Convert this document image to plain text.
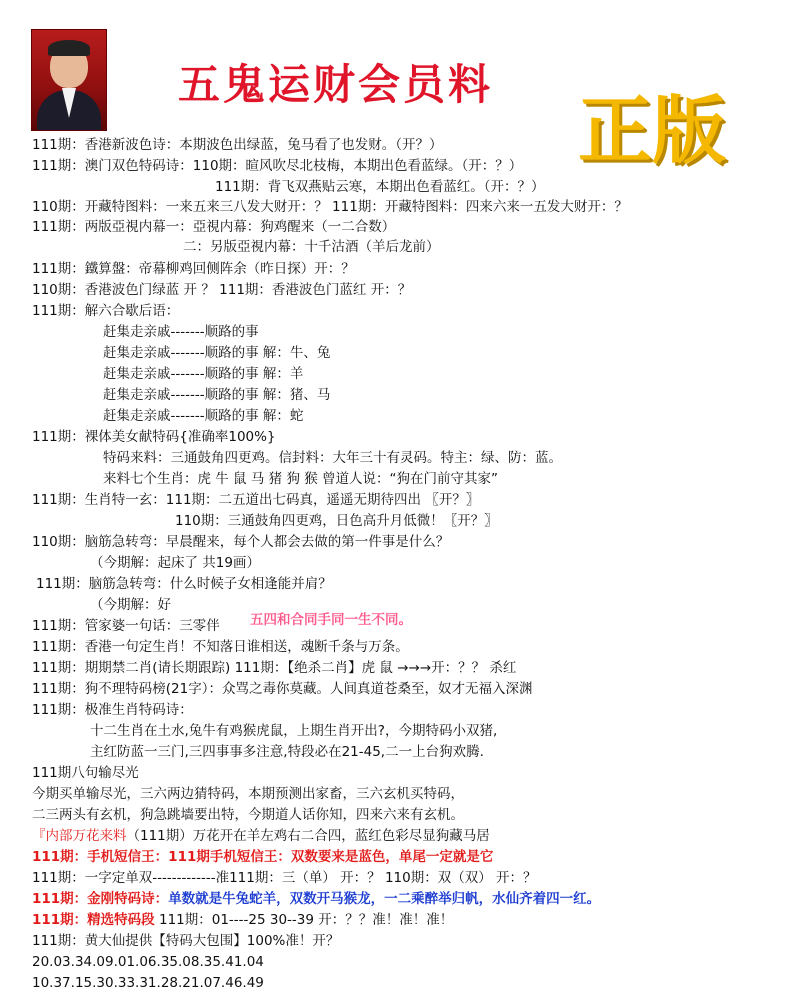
五鬼运财会员料
正版
111期：香港新波色诗：本期波色出绿蓝，兔马看了也发财。（开？）
111期：澳门双色特码诗：110期：暄风吹尽北枝梅，本期出色看蓝绿。（开：？）
111期：背飞双燕贴云寒，本期出色看蓝红。（开：？）
110期：开藏特图料：一来五来三八发大财开：？ 111期：开藏特图料：四来六来一五发大财开：？
111期：两版亞視内幕一：亞視内幕：狗鸡醒来（一二合数）
二：另版亞視内幕：十千沽酒（羊后龙前）
111期：鐵算盤：帝幕柳鸡回侧阵余（昨日探）开：？
110期：香港波色门绿蓝 开 ？ 111期：香港波色门蓝红 开：？
111期：解六合歇后语：
赶集走亲戚-------顺路的事
赶集走亲戚-------顺路的事 解：牛、兔
赶集走亲戚-------顺路的事 解：羊
赶集走亲戚-------顺路的事 解：猪、马
赶集走亲戚-------顺路的事 解：蛇
111期：裸体美女献特码{准确率100%}
特码来料：三通鼓角四更鸡。信封料：大年三十有灵码。特主：绿、防：蓝。
来料七个生肖：虎 牛 鼠 马 猪 狗 猴 曾道人说：“狗在门前守其家”
111期：生肖特一玄：111期：二五道出七码真，遥遥无期待四出 〖开？〗
110期：三通鼓角四更鸡，日色高升月低微！〖开？〗
110期：脑筋急转弯：早晨醒来，每个人都会去做的第一件事是什么？
（今期解：起床了 共19画）
111期：脑筋急转弯：什么时候子女相逢能并肩？
（今期解：好
111期：管家婆一句话：三零伴 五四和合同手同一生不同。
111期：香港一句定生肖！不知落日谁相送，魂断千条与万条。
111期：期期禁二肖(请长期跟踪) 111期：【绝杀二肖】虎 鼠 →→→开：？？ 杀红
111期：狗不理特码榜(21字）：众骂之毒你莫藏。人间真道苍桑至，奴才无福入深渊
111期：极准生肖特码诗：
十二生肖在土水,兔牛有鸡猴虎鼠，上期生肖开出?，今期特码小双猪,
主红防蓝一三门,三四事事多注意,特段必在21-45,二一上台狗欢腾.
111期八句输尽光
今期买单输尽光，三六两边猜特码，本期预测出家畜，三六玄机买特码，
二三两头有玄机，狗急跳墙要出特，今期道人话你知，四来六来有玄机。
『内部万花来料（111期）万花开在羊左鸡右二合四，蓝红色彩尽显狗藏马居
111期：手机短信王：111期手机短信王：双数要来是蓝色，单尾一定就是它
111期：一字定单双-------------准111期：三（单） 开：？ 110期：双（双） 开：？
111期：金刚特码诗：单数就是牛兔蛇羊，双数开马猴龙，一二乘醉举归帆，水仙齐着四一红。
111期：精选特码段 111期：01----25 30--39 开：？？准！准！准！
111期：黄大仙提供【特码大包围】100%准！开？
20.03.34.09.01.06.35.08.35.41.04
10.37.15.30.33.31.28.21.07.46.49
